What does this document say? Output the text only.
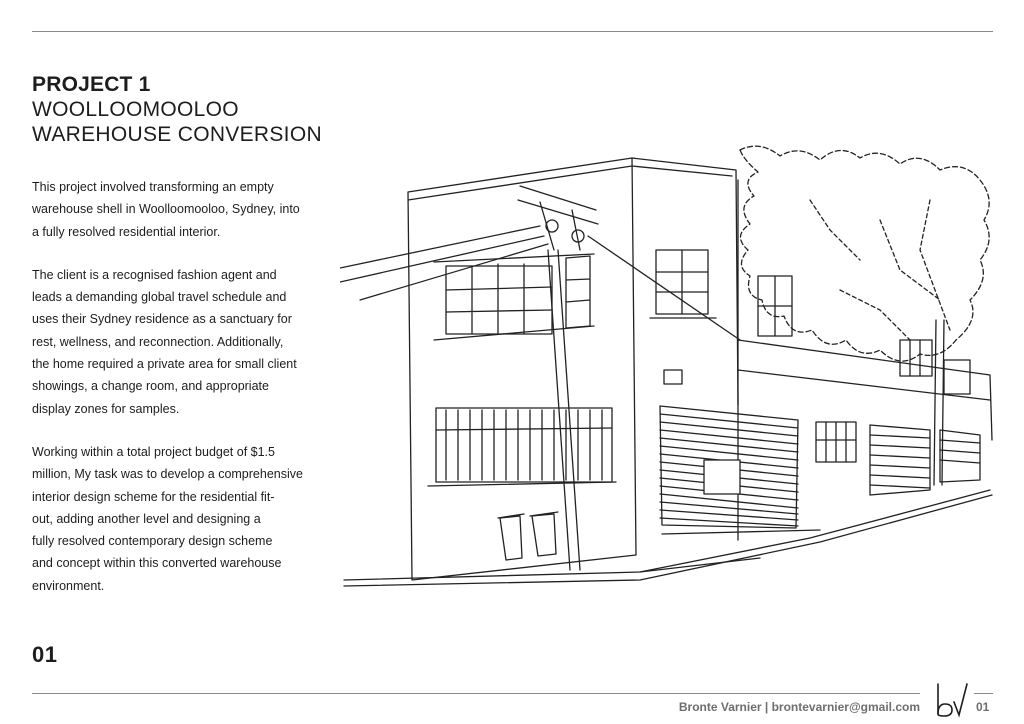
PROJECT 1
WOOLLOOMOOLOO
WAREHOUSE CONVERSION

This project involved transforming an empty
warehouse shell in Woolloomooloo, Sydney, into
a fully resolved residential interior.

The client is a recognised fashion agent and
leads a demanding global travel schedule and
uses their Sydney residence as a sanctuary for
rest, wellness, and reconnection. Additionally,
the home required a private area for small client
showings, a change room, and appropriate
display zones for samples.

Working within a total project budget of $1.5
million, My task was to develop a comprehensive
interior design scheme for the residential fit-
out, adding another level and designing a
fully resolved contemporary design scheme
and concept within this converted warehouse
environment.

01
Bronte Varnier | brontevarnier@gmail.com	01
